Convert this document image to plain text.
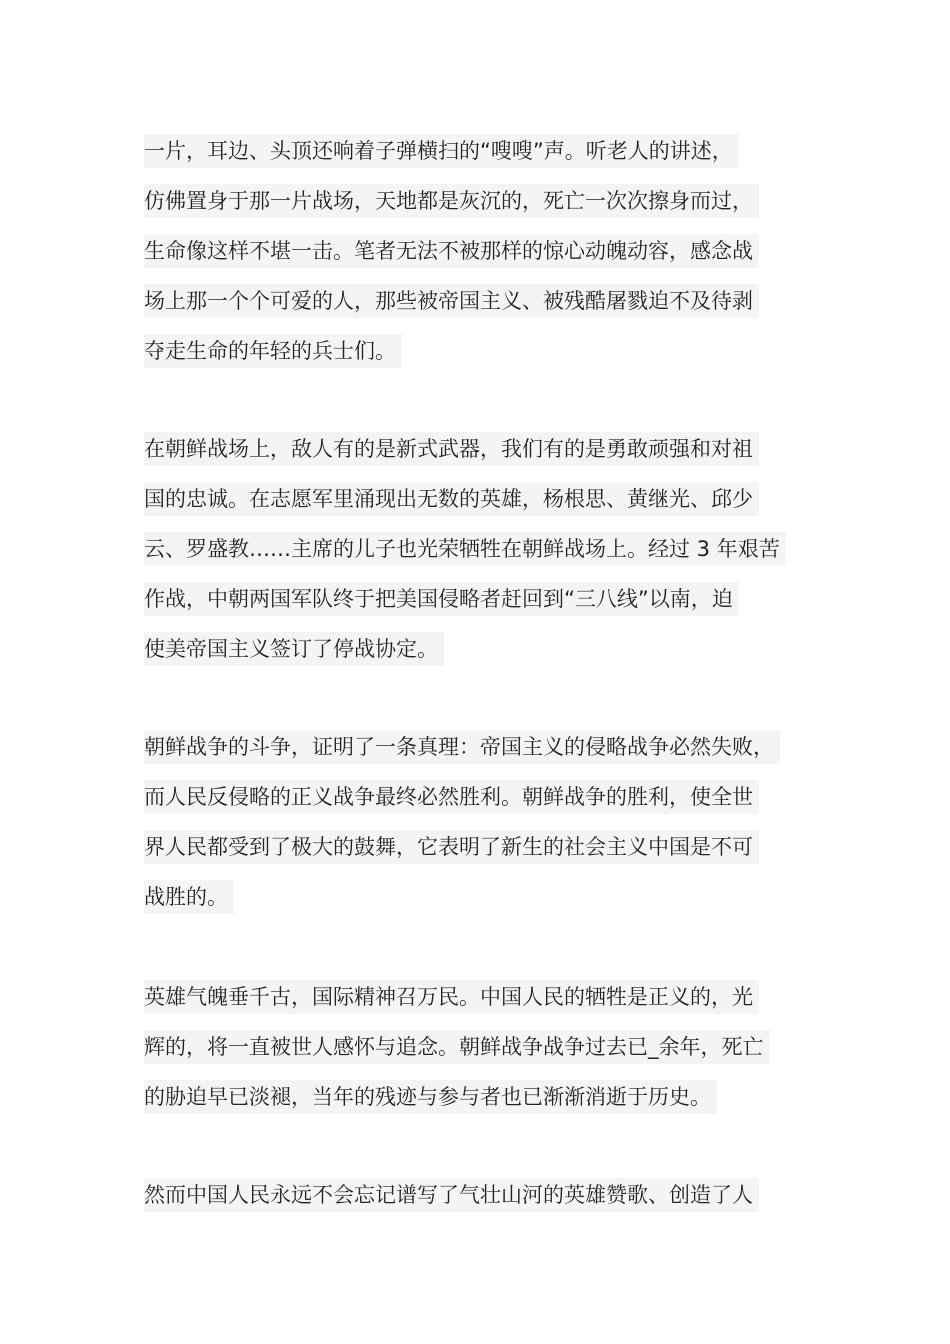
一片，耳边、头顶还响着子弹横扫的“嗖嗖”声。听老人的讲述，
仿佛置身于那一片战场，天地都是灰沉的，死亡一次次擦身而过，
生命像这样不堪一击。笔者无法不被那样的惊心动魄动容，感念战
场上那一个个可爱的人，那些被帝国主义、被残酷屠戮迫不及待剥
夺走生命的年轻的兵士们。
在朝鲜战场上，敌人有的是新式武器，我们有的是勇敢顽强和对祖
国的忠诚。在志愿军里涌现出无数的英雄，杨根思、黄继光、邱少
云、罗盛教……主席的儿子也光荣牺牲在朝鲜战场上。经过 3 年艰苦
作战，中朝两国军队终于把美国侵略者赶回到“三八线”以南，迫
使美帝国主义签订了停战协定。
朝鲜战争的斗争，证明了一条真理：帝国主义的侵略战争必然失败，
而人民反侵略的正义战争最终必然胜利。朝鲜战争的胜利，使全世
界人民都受到了极大的鼓舞，它表明了新生的社会主义中国是不可
战胜的。
英雄气魄垂千古，国际精神召万民。中国人民的牺牲是正义的，光
辉的，将一直被世人感怀与追念。朝鲜战争战争过去已_余年，死亡
的胁迫早已淡褪，当年的残迹与参与者也已渐渐消逝于历史。
然而中国人民永远不会忘记谱写了气壮山河的英雄赞歌、创造了人
